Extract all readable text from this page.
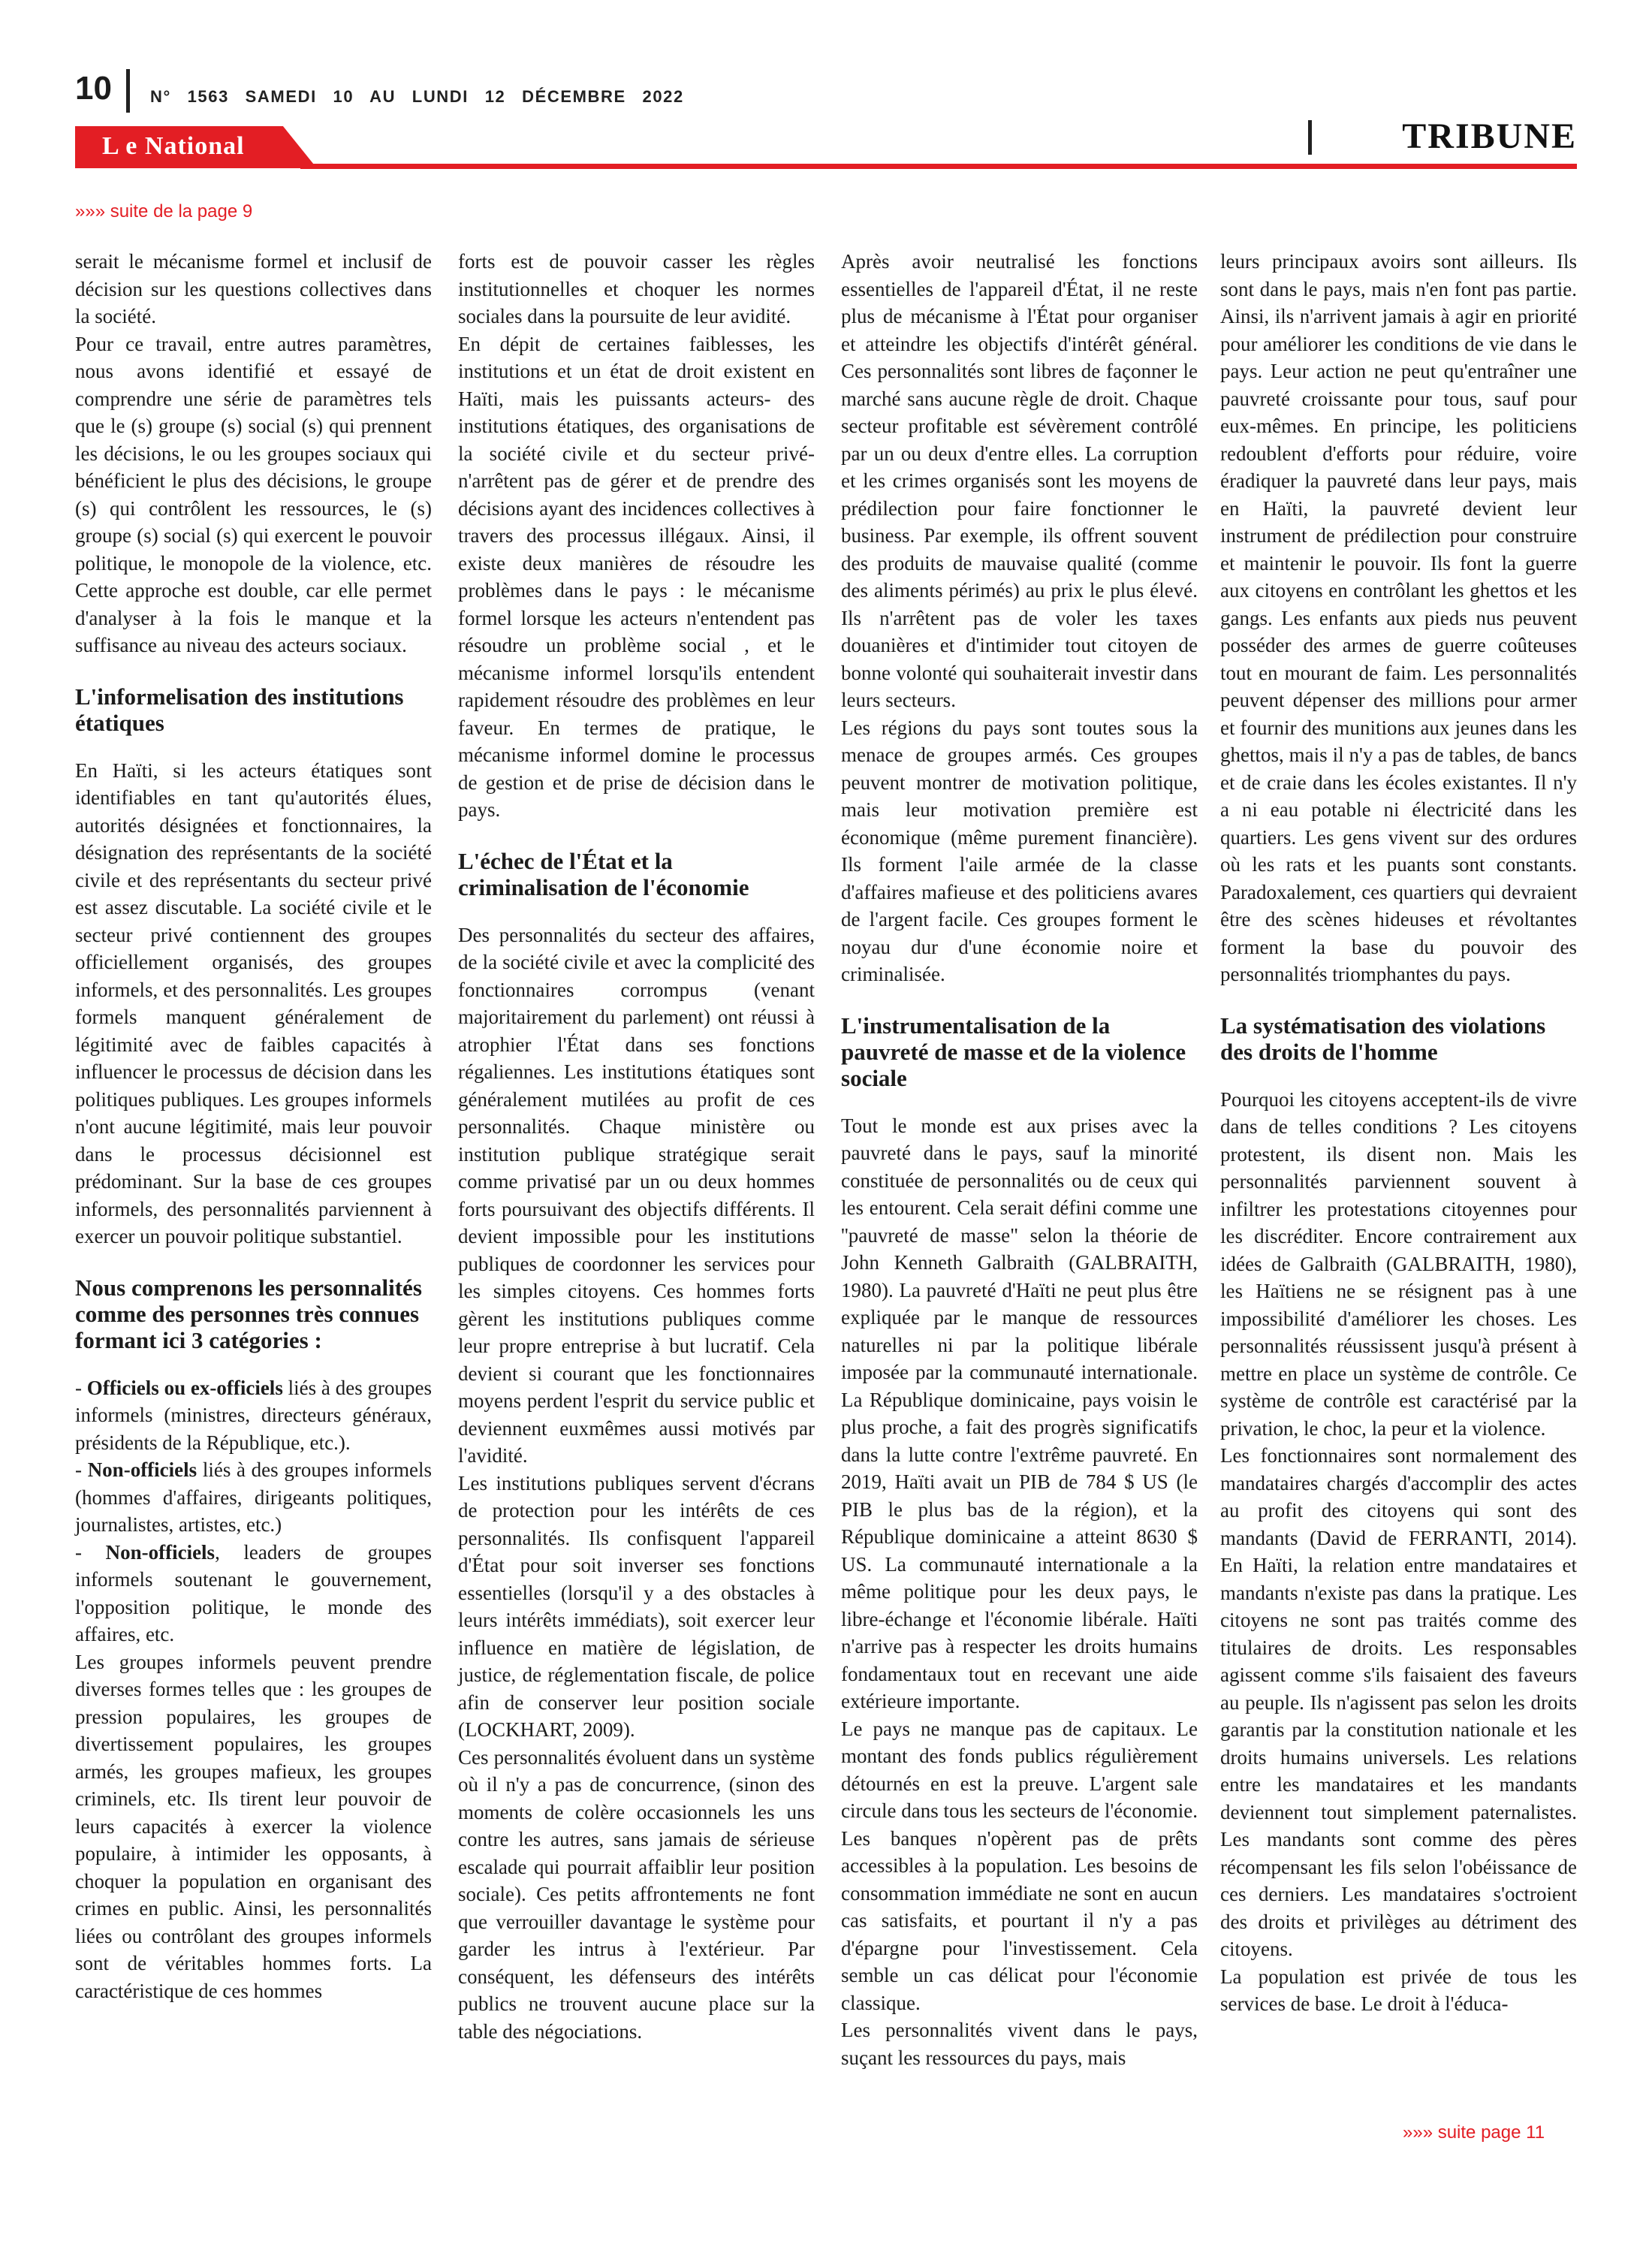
10 N° 1563 SAMEDI 10 AU LUNDI 12 DÉCEMBRE 2022
L e National	TRIBUNE
»»» suite de la page 9

serait le mécanisme formel et inclusif de décision sur les questions collectives dans la société.

Pour ce travail, entre autres paramètres, nous avons identifié et essayé de comprendre une série de paramètres tels que le (s) groupe (s) social (s) qui prennent les décisions, le ou les groupes sociaux qui bénéficient le plus des décisions, le groupe (s) qui contrôlent les ressources, le (s) groupe (s) social (s) qui exercent le pouvoir politique, le monopole de la violence, etc. Cette approche est double, car elle permet d'analyser à la fois le manque et la suffisance au niveau des acteurs sociaux.

L'informelisation des institutions étatiques

En Haïti, si les acteurs étatiques sont identifiables en tant qu'autorités élues, autorités désignées et fonctionnaires, la désignation des représentants de la société civile et des représentants du secteur privé est assez discutable. La société civile et le secteur privé contiennent des groupes officiellement organisés, des groupes informels, et des personnalités. Les groupes formels manquent généralement de légitimité avec de faibles capacités à influencer le processus de décision dans les politiques publiques. Les groupes informels n'ont aucune légitimité, mais leur pouvoir dans le processus décisionnel est prédominant. Sur la base de ces groupes informels, des personnalités parviennent à exercer un pouvoir politique substantiel.

Nous comprenons les personnalités comme des personnes très connues formant ici 3 catégories :

- Officiels ou ex-officiels liés à des groupes informels (ministres, directeurs généraux, présidents de la République, etc.).

- Non-officiels liés à des groupes informels (hommes d'affaires, dirigeants politiques, journalistes, artistes, etc.)

- Non-officiels, leaders de groupes informels soutenant le gouvernement, l'opposition politique, le monde des affaires, etc.

Les groupes informels peuvent prendre diverses formes telles que : les groupes de pression populaires, les groupes de divertissement populaires, les groupes armés, les groupes mafieux, les groupes criminels, etc. Ils tirent leur pouvoir de leurs capacités à exercer la violence populaire, à intimider les opposants, à choquer la population en organisant des crimes en public. Ainsi, les personnalités liées ou contrôlant des groupes informels sont de véritables hommes forts. La caractéristique de ces hommes

forts est de pouvoir casser les règles institutionnelles et choquer les normes sociales dans la poursuite de leur avidité.

En dépit de certaines faiblesses, les institutions et un état de droit existent en Haïti, mais les puissants acteurs- des institutions étatiques, des organisations de la société civile et du secteur privé- n'arrêtent pas de gérer et de prendre des décisions ayant des incidences collectives à travers des processus illégaux. Ainsi, il existe deux manières de résoudre les problèmes dans le pays : le mécanisme formel lorsque les acteurs n'entendent pas résoudre un problème social , et le mécanisme informel lorsqu'ils entendent rapidement résoudre des problèmes en leur faveur. En termes de pratique, le mécanisme informel domine le processus de gestion et de prise de décision dans le pays.

L'échec de l'État et la criminalisation de l'économie

Des personnalités du secteur des affaires, de la société civile et avec la complicité des fonctionnaires corrompus (venant majoritairement du parlement) ont réussi à atrophier l'État dans ses fonctions régaliennes. Les institutions étatiques sont généralement mutilées au profit de ces personnalités. Chaque ministère ou institution publique stratégique serait comme privatisé par un ou deux hommes forts poursuivant des objectifs différents. Il devient impossible pour les institutions publiques de coordonner les services pour les simples citoyens. Ces hommes forts gèrent les institutions publiques comme leur propre entreprise à but lucratif. Cela devient si courant que les fonctionnaires moyens perdent l'esprit du service public et deviennent euxmêmes aussi motivés par l'avidité.

Les institutions publiques servent d'écrans de protection pour les intérêts de ces personnalités. Ils confisquent l'appareil d'État pour soit inverser ses fonctions essentielles (lorsqu'il y a des obstacles à leurs intérêts immédiats), soit exercer leur influence en matière de législation, de justice, de réglementation fiscale, de police afin de conserver leur position sociale (LOCKHART, 2009).

Ces personnalités évoluent dans un système où il n'y a pas de concurrence, (sinon des moments de colère occasionnels les uns contre les autres, sans jamais de sérieuse escalade qui pourrait affaiblir leur position sociale). Ces petits affrontements ne font que verrouiller davantage le système pour garder les intrus à l'extérieur. Par conséquent, les défenseurs des intérêts publics ne trouvent aucune place sur la table des négociations.

Après avoir neutralisé les fonctions essentielles de l'appareil d'État, il ne reste plus de mécanisme à l'État pour organiser et atteindre les objectifs d'intérêt général. Ces personnalités sont libres de façonner le marché sans aucune règle de droit. Chaque secteur profitable est sévèrement contrôlé par un ou deux d'entre elles. La corruption et les crimes organisés sont les moyens de prédilection pour faire fonctionner le business. Par exemple, ils offrent souvent des produits de mauvaise qualité (comme des aliments périmés) au prix le plus élevé. Ils n'arrêtent pas de voler les taxes douanières et d'intimider tout citoyen de bonne volonté qui souhaiterait investir dans leurs secteurs.

Les régions du pays sont toutes sous la menace de groupes armés. Ces groupes peuvent montrer de motivation politique, mais leur motivation première est économique (même purement financière). Ils forment l'aile armée de la classe d'affaires mafieuse et des politiciens avares de l'argent facile. Ces groupes forment le noyau dur d'une économie noire et criminalisée.

L'instrumentalisation de la pauvreté de masse et de la violence sociale

Tout le monde est aux prises avec la pauvreté dans le pays, sauf la minorité constituée de personnalités ou de ceux qui les entourent. Cela serait défini comme une ''pauvreté de masse" selon la théorie de John Kenneth Galbraith (GALBRAITH, 1980). La pauvreté d'Haïti ne peut plus être expliquée par le manque de ressources naturelles ni par la politique libérale imposée par la communauté internationale. La République dominicaine, pays voisin le plus proche, a fait des progrès significatifs dans la lutte contre l'extrême pauvreté. En 2019, Haïti avait un PIB de 784 $ US (le PIB le plus bas de la région), et la République dominicaine a atteint 8630 $ US. La communauté internationale a la même politique pour les deux pays, le libre-échange et l'économie libérale. Haïti n'arrive pas à respecter les droits humains fondamentaux tout en recevant une aide extérieure importante.

Le pays ne manque pas de capitaux. Le montant des fonds publics régulièrement détournés en est la preuve. L'argent sale circule dans tous les secteurs de l'économie. Les banques n'opèrent pas de prêts accessibles à la population. Les besoins de consommation immédiate ne sont en aucun cas satisfaits, et pourtant il n'y a pas d'épargne pour l'investissement. Cela semble un cas délicat pour l'économie classique.

Les personnalités vivent dans le pays, suçant les ressources du pays, mais

leurs principaux avoirs sont ailleurs. Ils sont dans le pays, mais n'en font pas partie. Ainsi, ils n'arrivent jamais à agir en priorité pour améliorer les conditions de vie dans le pays. Leur action ne peut qu'entraîner une pauvreté croissante pour tous, sauf pour eux-mêmes. En principe, les politiciens redoublent d'efforts pour réduire, voire éradiquer la pauvreté dans leur pays, mais en Haïti, la pauvreté devient leur instrument de prédilection pour construire et maintenir le pouvoir. Ils font la guerre aux citoyens en contrôlant les ghettos et les gangs. Les enfants aux pieds nus peuvent posséder des armes de guerre coûteuses tout en mourant de faim. Les personnalités peuvent dépenser des millions pour armer et fournir des munitions aux jeunes dans les ghettos, mais il n'y a pas de tables, de bancs et de craie dans les écoles existantes. Il n'y a ni eau potable ni électricité dans les quartiers. Les gens vivent sur des ordures où les rats et les puants sont constants. Paradoxalement, ces quartiers qui devraient être des scènes hideuses et révoltantes forment la base du pouvoir des personnalités triomphantes du pays.

La systématisation des violations des droits de l'homme

Pourquoi les citoyens acceptent-ils de vivre dans de telles conditions ? Les citoyens protestent, ils disent non. Mais les personnalités parviennent souvent à infiltrer les protestations citoyennes pour les discréditer. Encore contrairement aux idées de Galbraith (GALBRAITH, 1980), les Haïtiens ne se résignent pas à une impossibilité d'améliorer les choses. Les personnalités réussissent jusqu'à présent à mettre en place un système de contrôle. Ce système de contrôle est caractérisé par la privation, le choc, la peur et la violence.

Les fonctionnaires sont normalement des mandataires chargés d'accomplir des actes au profit des citoyens qui sont des mandants (David de FERRANTI, 2014). En Haïti, la relation entre mandataires et mandants n'existe pas dans la pratique. Les citoyens ne sont pas traités comme des titulaires de droits. Les responsables agissent comme s'ils faisaient des faveurs au peuple. Ils n'agissent pas selon les droits garantis par la constitution nationale et les droits humains universels. Les relations entre les mandataires et les mandants deviennent tout simplement paternalistes. Les mandants sont comme des pères récompensant les fils selon l'obéissance de ces derniers. Les mandataires s'octroient des droits et privilèges au détriment des citoyens.

La population est privée de tous les services de base. Le droit à l'éduca-

»»» suite page 11
